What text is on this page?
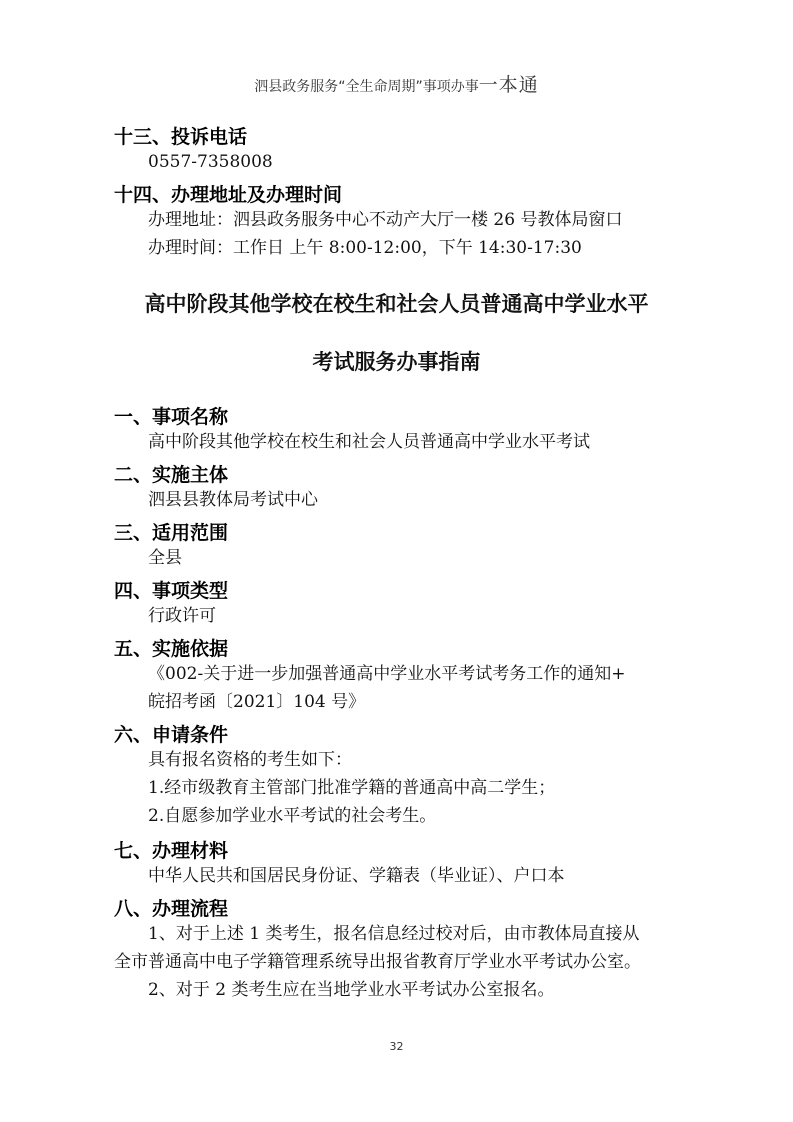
泗县政务服务“全生命周期”事项办事一本通
十三、投诉电话
0557-7358008
十四、办理地址及办理时间
办理地址：泗县政务服务中心不动产大厅一楼 26 号教体局窗口
办理时间：工作日 上午 8:00-12:00，下午 14:30-17:30
高中阶段其他学校在校生和社会人员普通高中学业水平
考试服务办事指南
一、事项名称
高中阶段其他学校在校生和社会人员普通高中学业水平考试
二、实施主体
泗县县教体局考试中心
三、适用范围
全县
四、事项类型
行政许可
五、实施依据
《002-关于进一步加强普通高中学业水平考试考务工作的通知+
皖招考函〔2021〕104 号》
六、申请条件
具有报名资格的考生如下：
1.经市级教育主管部门批准学籍的普通高中高二学生；
2.自愿参加学业水平考试的社会考生。
七、办理材料
中华人民共和国居民身份证、学籍表（毕业证）、户口本
八、办理流程
1、对于上述 1 类考生，报名信息经过校对后，由市教体局直接从
全市普通高中电子学籍管理系统导出报省教育厅学业水平考试办公室。
2、对于 2 类考生应在当地学业水平考试办公室报名。
32
